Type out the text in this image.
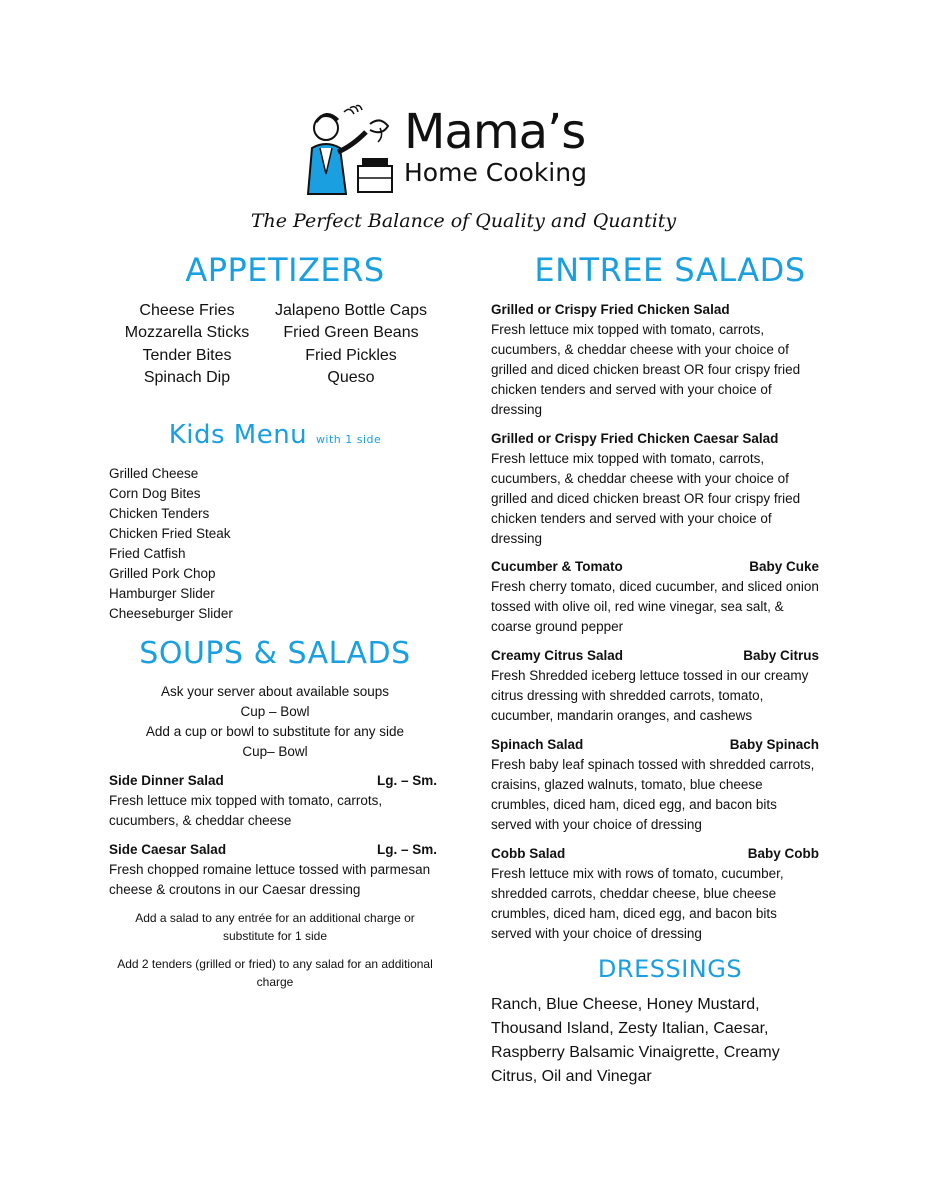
Mama’s
Home Cooking
The Perfect Balance of Quality and Quantity
APPETIZERS
Cheese Fries	Jalapeno Bottle Caps
Mozzarella Sticks	Fried Green Beans
Tender Bites	Fried Pickles
Spinach Dip	Queso
Kids Menu with 1 side
Grilled Cheese
Corn Dog Bites
Chicken Tenders
Chicken Fried Steak
Fried Catfish
Grilled Pork Chop
Hamburger Slider
Cheeseburger Slider
SOUPS & SALADS
Ask your server about available soups
Cup – Bowl
Add a cup or bowl to substitute for any side
Cup– Bowl
Side Dinner Salad	Lg. – Sm.
Fresh lettuce mix topped with tomato, carrots, cucumbers, & cheddar cheese
Side Caesar Salad	Lg. – Sm.
Fresh chopped romaine lettuce tossed with parmesan cheese & croutons in our Caesar dressing
Add a salad to any entrée for an additional charge or substitute for 1 side
Add 2 tenders (grilled or fried) to any salad for an additional charge
ENTREE SALADS
Grilled or Crispy Fried Chicken Salad
Fresh lettuce mix topped with tomato, carrots, cucumbers, & cheddar cheese with your choice of grilled and diced chicken breast OR four crispy fried chicken tenders and served with your choice of dressing
Grilled or Crispy Fried Chicken Caesar Salad
Fresh lettuce mix topped with tomato, carrots, cucumbers, & cheddar cheese with your choice of grilled and diced chicken breast OR four crispy fried chicken tenders and served with your choice of dressing
Cucumber & Tomato	Baby Cuke
Fresh cherry tomato, diced cucumber, and sliced onion tossed with olive oil, red wine vinegar, sea salt, & coarse ground pepper
Creamy Citrus Salad	Baby Citrus
Fresh Shredded iceberg lettuce tossed in our creamy citrus dressing with shredded carrots, tomato, cucumber, mandarin oranges, and cashews
Spinach Salad	Baby Spinach
Fresh baby leaf spinach tossed with shredded carrots, craisins, glazed walnuts, tomato, blue cheese crumbles, diced ham, diced egg, and bacon bits served with your choice of dressing
Cobb Salad	Baby Cobb
Fresh lettuce mix with rows of tomato, cucumber, shredded carrots, cheddar cheese, blue cheese crumbles, diced ham, diced egg, and bacon bits served with your choice of dressing
DRESSINGS
Ranch, Blue Cheese, Honey Mustard, Thousand Island, Zesty Italian, Caesar, Raspberry Balsamic Vinaigrette, Creamy Citrus, Oil and Vinegar
